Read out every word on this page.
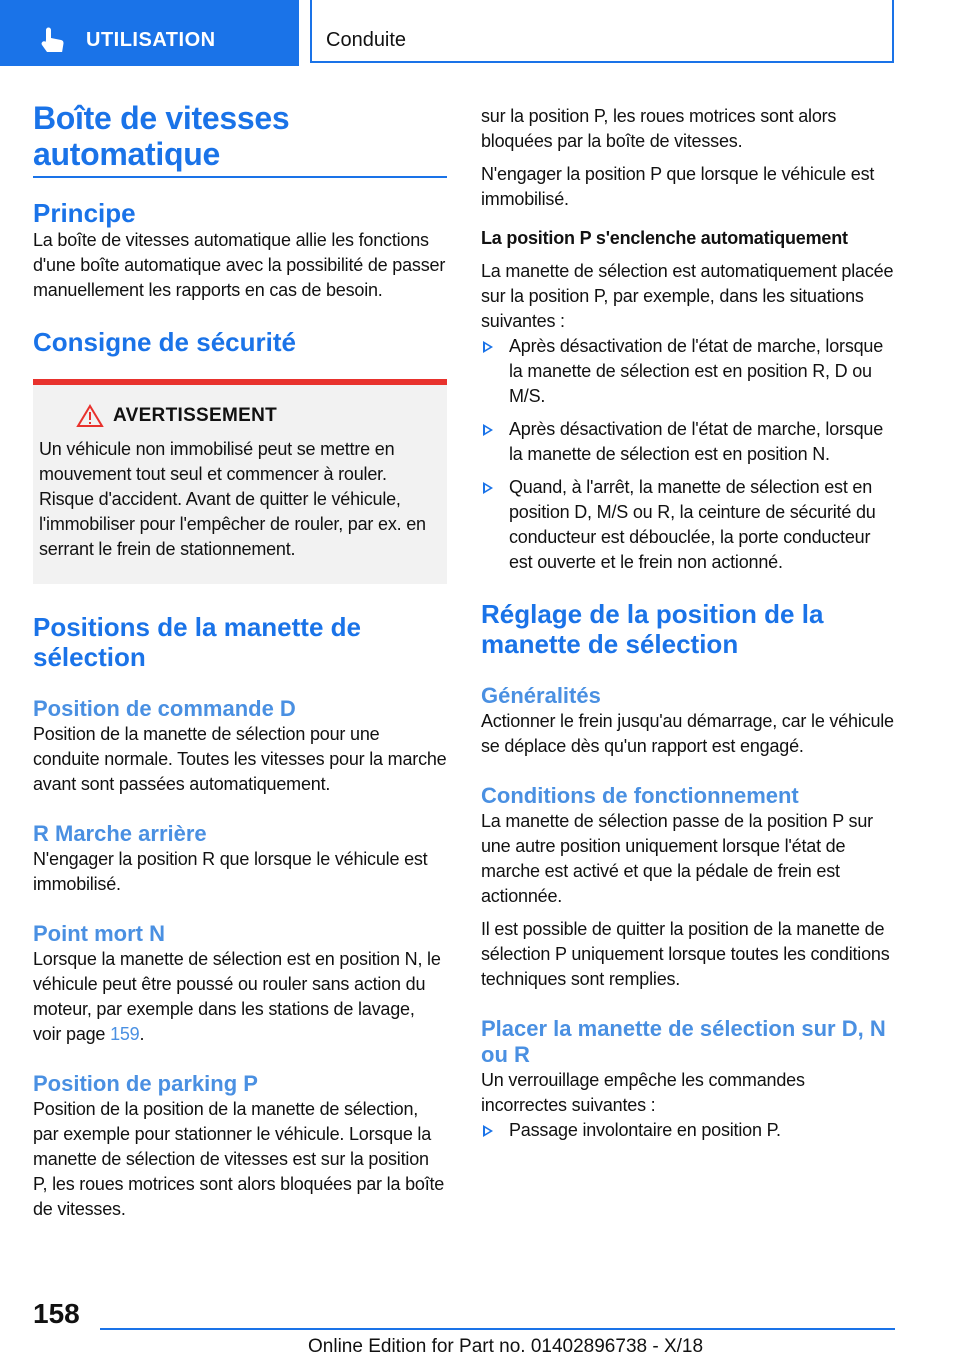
UTILISATION	Conduite
Boîte de vitesses automatique
Principe

La boîte de vitesses automatique allie les fonctions d'une boîte automatique avec la possibilité de passer manuellement les rapports en cas de besoin.

Consigne de sécurité
AVERTISSEMENT

Un véhicule non immobilisé peut se mettre en mouvement tout seul et commencer à rouler. Risque d'accident. Avant de quitter le véhicule, l'immobiliser pour l'empêcher de rouler, par ex. en serrant le frein de stationnement.

Positions de la manette de sélection
Position de commande D

Position de la manette de sélection pour une conduite normale. Toutes les vitesses pour la marche avant sont passées automatiquement.

R Marche arrière

N'engager la position R que lorsque le véhicule est immobilisé.

Point mort N

Lorsque la manette de sélection est en position N, le véhicule peut être poussé ou rouler sans action du moteur, par exemple dans les stations de lavage, voir page 159.

Position de parking P

Position de la position de la manette de sélection, par exemple pour stationner le véhicule. Lorsque la manette de sélection de vitesses est sur la position P, les roues motrices sont alors bloquées par la boîte de vitesses.

sur la position P, les roues motrices sont alors bloquées par la boîte de vitesses.

N'engager la position P que lorsque le véhicule est immobilisé.

La position P s'enclenche automatiquement

La manette de sélection est automatiquement placée sur la position P, par exemple, dans les situations suivantes :

Après désactivation de l'état de marche, lorsque la manette de sélection est en position R, D ou M/S.
Après désactivation de l'état de marche, lorsque la manette de sélection est en position N.
Quand, à l'arrêt, la manette de sélection est en position D, M/S ou R, la ceinture de sécurité du conducteur est débouclée, la porte conducteur est ouverte et le frein non actionné.
Réglage de la position de la manette de sélection
Généralités

Actionner le frein jusqu'au démarrage, car le véhicule se déplace dès qu'un rapport est engagé.

Conditions de fonctionnement

La manette de sélection passe de la position P sur une autre position uniquement lorsque l'état de marche est activé et que la pédale de frein est actionnée.

Il est possible de quitter la position de la manette de sélection P uniquement lorsque toutes les conditions techniques sont remplies.

Placer la manette de sélection sur D, N ou R

Un verrouillage empêche les commandes incorrectes suivantes :

Passage involontaire en position P.
158
Online Edition for Part no. 01402896738 - X/18
